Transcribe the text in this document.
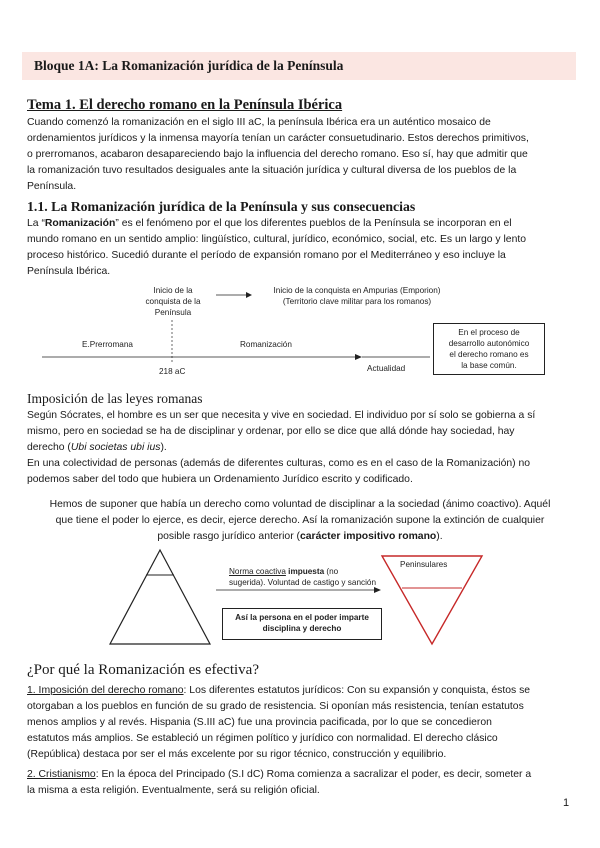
Bloque 1A: La Romanización jurídica de la Península
Tema 1. El derecho romano en la Península Ibérica
Cuando comenzó la romanización en el siglo III aC, la península Ibérica era un auténtico mosaico de
ordenamientos jurídicos y la inmensa mayoría tenían un carácter consuetudinario. Estos derechos primitivos,
o prerromanos, acabaron desapareciendo bajo la influencia del derecho romano. Eso sí, hay que admitir que
la romanización tuvo resultados desiguales ante la situación jurídica y cultural diversa de los pueblos de la
Península.
1.1. La Romanización jurídica de la Península y sus consecuencias
La “Romanización” es el fenómeno por el que los diferentes pueblos de la Península se incorporan en el
mundo romano en un sentido amplio: lingüístico, cultural, jurídico, económico, social, etc. Es un largo y lento
proceso histórico. Sucedió durante el período de expansión romano por el Mediterráneo y eso incluye la
Península Ibérica.
Inicio de la
conquista de la
Península
Inicio de la conquista en Ampurias (Emporion)
(Territorio clave militar para los romanos)
E.Prerromana	Romanización
Actualidad
218 aC
En el proceso de
desarrollo autonómico
el derecho romano es
la base común.
Imposición de las leyes romanas
Según Sócrates, el hombre es un ser que necesita y vive en sociedad. El individuo por sí solo se gobierna a sí
mismo, pero en sociedad se ha de disciplinar y ordenar, por ello se dice que allá dónde hay sociedad, hay
derecho (Ubi societas ubi ius).
En una colectividad de personas (además de diferentes culturas, como es en el caso de la Romanización) no
podemos saber del todo que hubiera un Ordenamiento Jurídico escrito y codificado.
Hemos de suponer que había un derecho como voluntad de disciplinar a la sociedad (ánimo coactivo). Aquél
que tiene el poder lo ejerce, es decir, ejerce derecho. Así la romanización supone la extinción de cualquier
posible rasgo jurídico anterior (carácter impositivo romano).
Norma coactiva impuesta (no
sugerida). Voluntad de castigo y sanción
Peninsulares
Así la persona en el poder imparte
disciplina y derecho
¿Por qué la Romanización es efectiva?
1. Imposición del derecho romano: Los diferentes estatutos jurídicos: Con su expansión y conquista, éstos se
otorgaban a los pueblos en función de su grado de resistencia. Si oponían más resistencia, tenían estatutos
menos amplios y al revés. Hispania (S.III aC) fue una provincia pacificada, por lo que se concedieron
estatutos más amplios. Se estableció un régimen político y jurídico con normalidad. El derecho clásico
(República) destaca por ser el más excelente por su rigor técnico, construcción y equilibrio.
2. Cristianismo: En la época del Principado (S.I dC) Roma comienza a sacralizar el poder, es decir, someter a
la misma a esta religión. Eventualmente, será su religión oficial.
1
